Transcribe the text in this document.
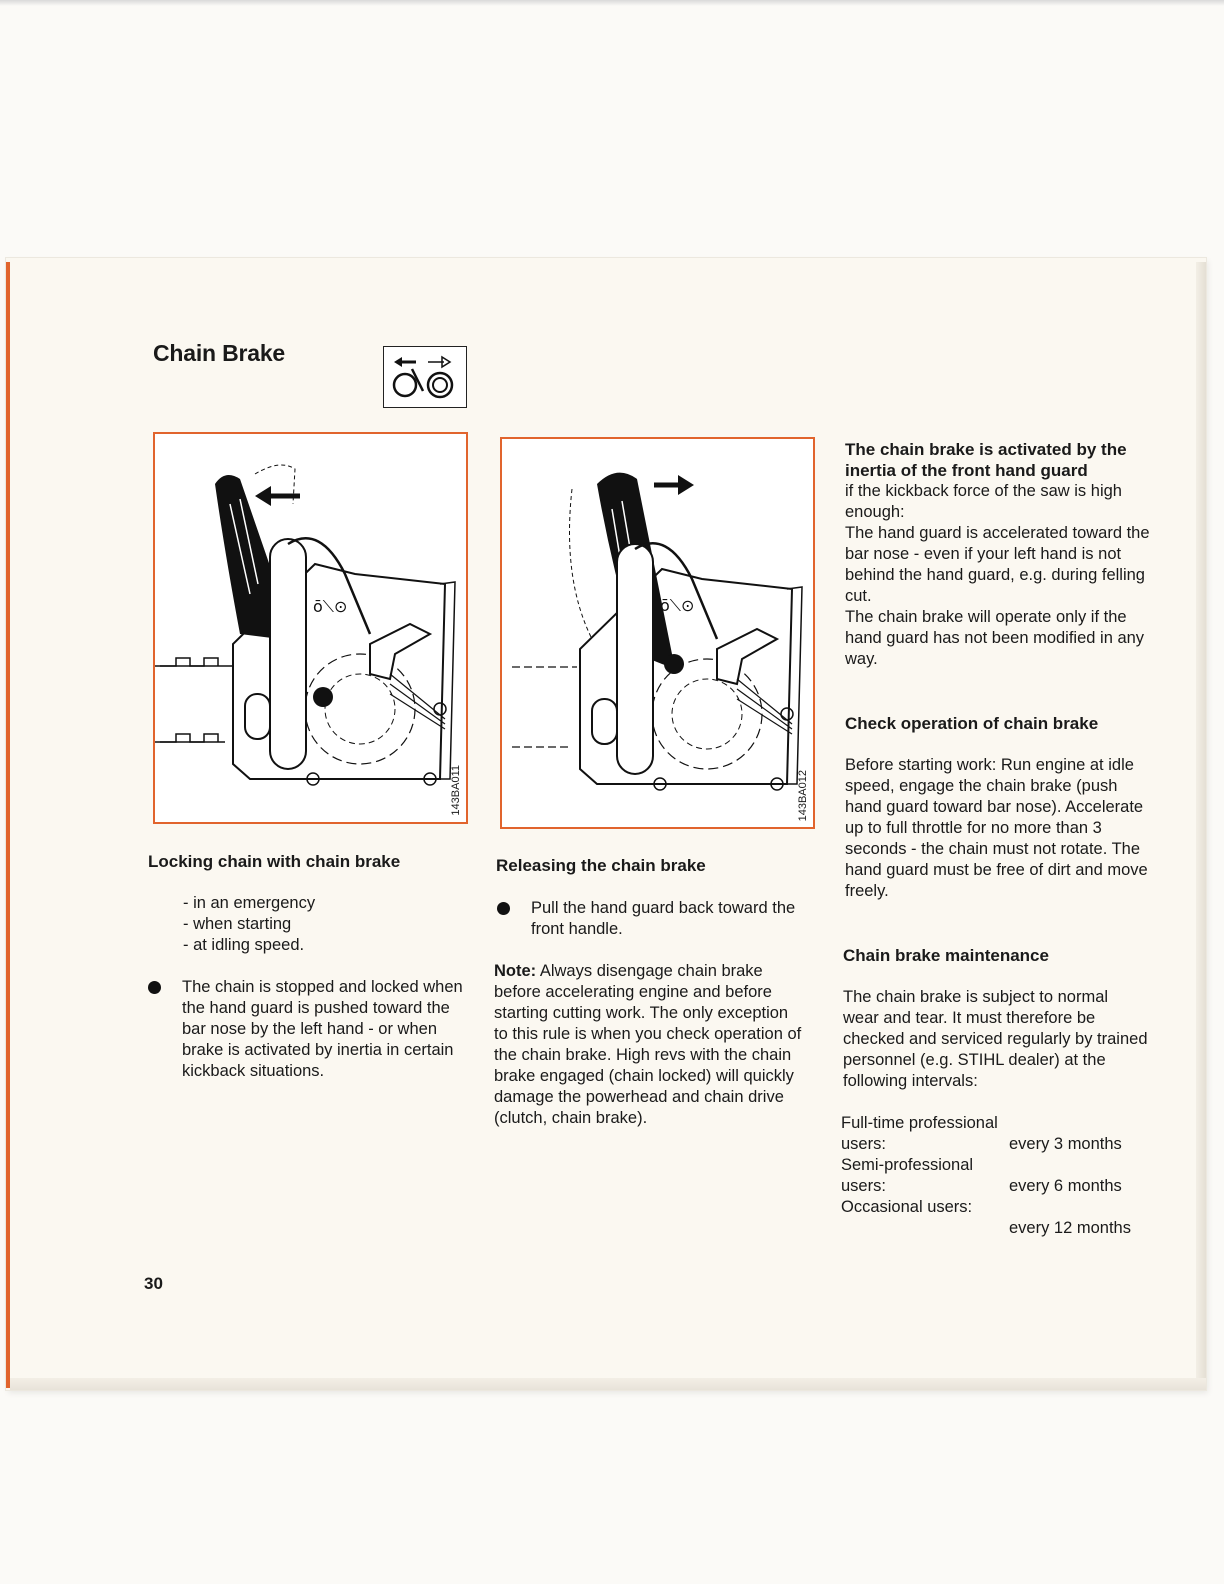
Chain Brake
ō⟍⊙
143BA011
ō⟍⊙
143BA012
Locking chain with chain brake
- in an emergency
- when starting
- at idling speed.
The chain is stopped and locked when the hand guard is pushed toward the bar nose by the left hand - or when brake is activated by inertia in certain kickback situations.
Releasing the chain brake
Pull the hand guard back toward the front handle.
Note: Always disengage chain brake before accelerating engine and before starting cutting work. The only exception to this rule is when you check operation of the chain brake. High revs with the chain brake engaged (chain locked) will quickly damage the powerhead and chain drive (clutch, chain brake).
The chain brake is activated by the inertia of the front hand guard
if the kickback force of the saw is high enough:
The hand guard is accelerated toward the bar nose - even if your left hand is not behind the hand guard, e.g. during felling cut.
The chain brake will operate only if the hand guard has not been modified in any way.
Check operation of chain brake
Before starting work: Run engine at idle speed, engage the chain brake (push hand guard toward bar nose). Accelerate up to full throttle for no more than 3 seconds - the chain must not rotate. The hand guard must be free of dirt and move freely.
Chain brake maintenance
The chain brake is subject to normal wear and tear. It must therefore be checked and serviced regularly by trained personnel (e.g. STIHL dealer) at the following intervals:
Full-time professional users:	every 3 months
Semi-professional users:	every 6 months
Occasional users:
every 12 months
30
